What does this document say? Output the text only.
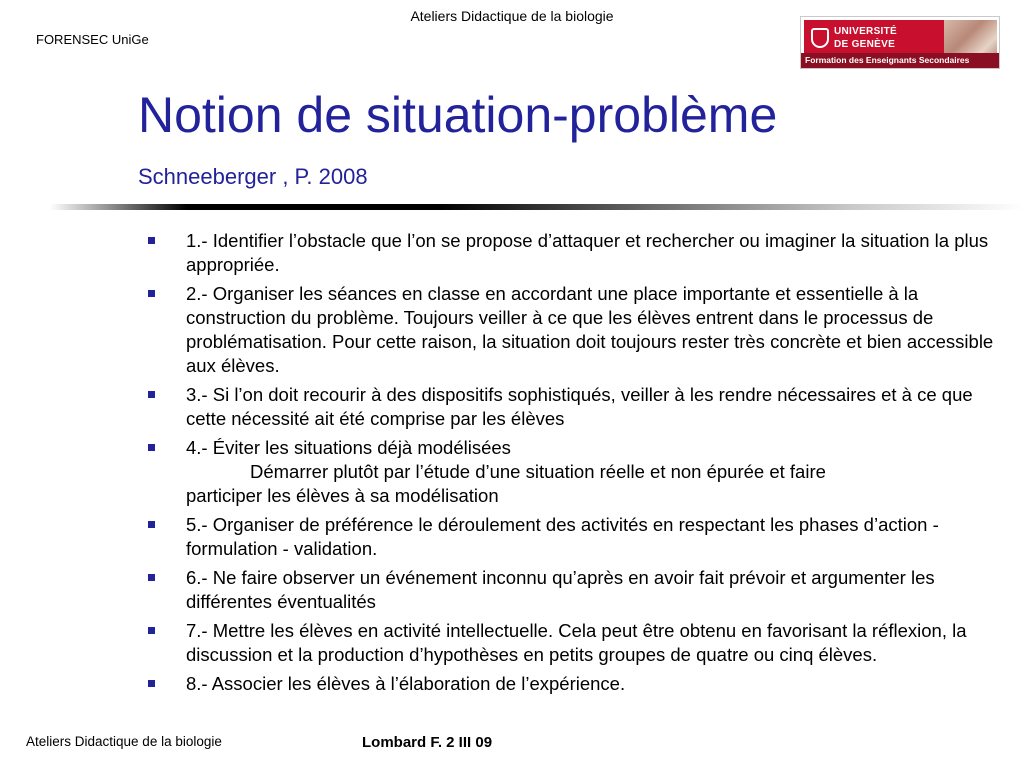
Ateliers Didactique de la biologie
FORENSEC UniGe
UNIVERSITÉ
DE GENÈVE
Formation des Enseignants Secondaires
Notion de situation-problème
Schneeberger , P. 2008
1.- Identifier l’obstacle que l’on se propose d’attaquer et rechercher ou imaginer la situation la plus appropriée.
2.- Organiser les séances en classe en accordant une place importante et essentielle à la construction du problème. Toujours veiller à ce que les élèves entrent dans le processus de problématisation. Pour cette raison, la situation doit toujours rester très concrète et bien accessible aux élèves.
3.- Si l’on doit recourir à des dispositifs sophistiqués, veiller à les rendre nécessaires et à ce que cette nécessité ait été comprise par les élèves
4.- Éviter les situations déjà modélisées
Démarrer plutôt par l’étude d’une situation réelle et non épurée et faire
participer les élèves à sa modélisation
5.- Organiser de préférence le déroulement des activités en respectant les phases d’action - formulation - validation.
6.- Ne faire observer un événement inconnu qu’après en avoir fait prévoir et argumenter les différentes éventualités
7.- Mettre les élèves en activité intellectuelle. Cela peut être obtenu en favorisant la réflexion, la discussion et la production d’hypothèses en petits groupes de quatre ou cinq élèves.
8.- Associer les élèves à l’élaboration de l’expérience.
Ateliers Didactique de la biologie	Lombard F. 2 III 09
